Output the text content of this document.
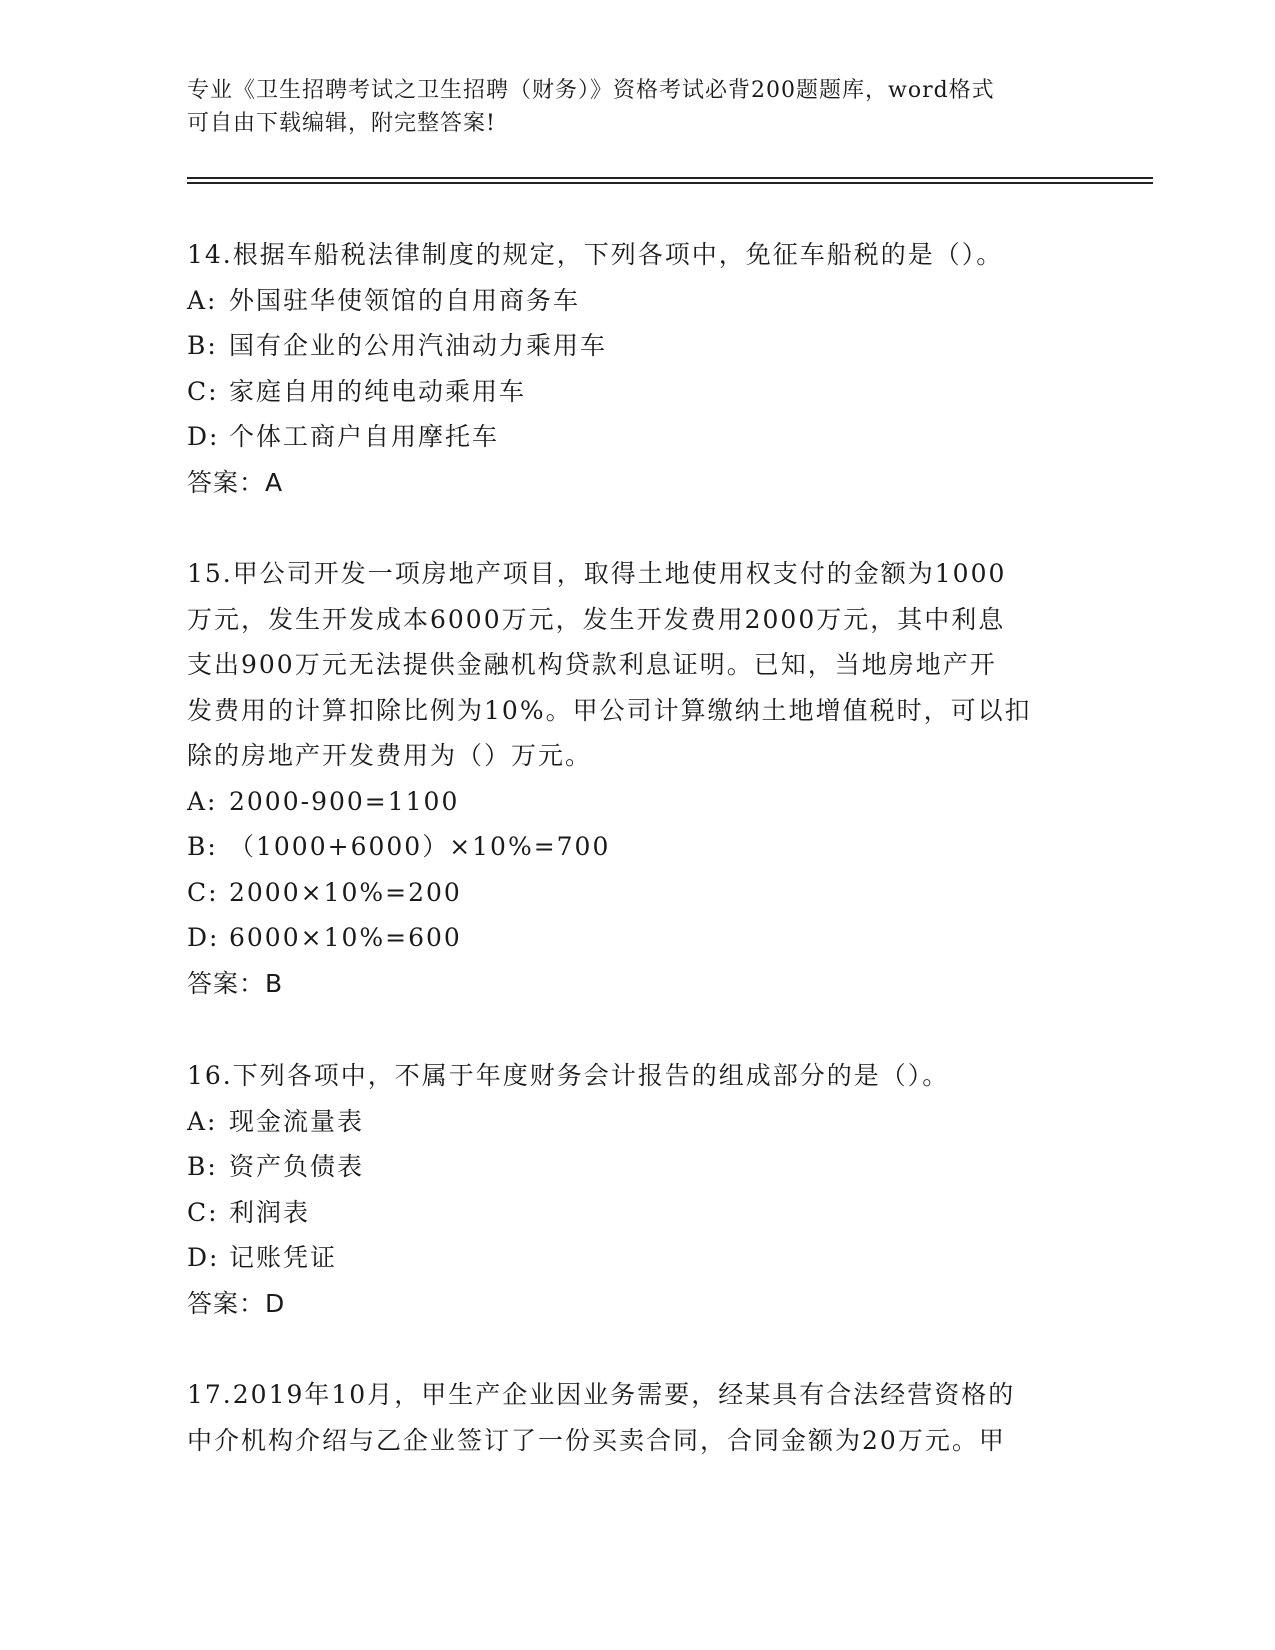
专业《卫生招聘考试之卫生招聘（财务）》资格考试必背200题题库，word格式
可自由下载编辑，附完整答案!

14.根据车船税法律制度的规定，下列各项中，免征车船税的是（）。

A: 外国驻华使领馆的自用商务车

B: 国有企业的公用汽油动力乘用车

C: 家庭自用的纯电动乘用车

D: 个体工商户自用摩托车

答案：A

15.甲公司开发一项房地产项目，取得土地使用权支付的金额为1000

万元，发生开发成本6000万元，发生开发费用2000万元，其中利息

支出900万元无法提供金融机构贷款利息证明。已知，当地房地产开

发费用的计算扣除比例为10%。甲公司计算缴纳土地增值税时，可以扣

除的房地产开发费用为（）万元。

A: 2000-900=1100

B: （1000+6000）×10%=700

C: 2000×10%=200

D: 6000×10%=600

答案：B

16.下列各项中，不属于年度财务会计报告的组成部分的是（）。

A: 现金流量表

B: 资产负债表

C: 利润表

D: 记账凭证

答案：D

17.2019年10月，甲生产企业因业务需要，经某具有合法经营资格的

中介机构介绍与乙企业签订了一份买卖合同，合同金额为20万元。甲
